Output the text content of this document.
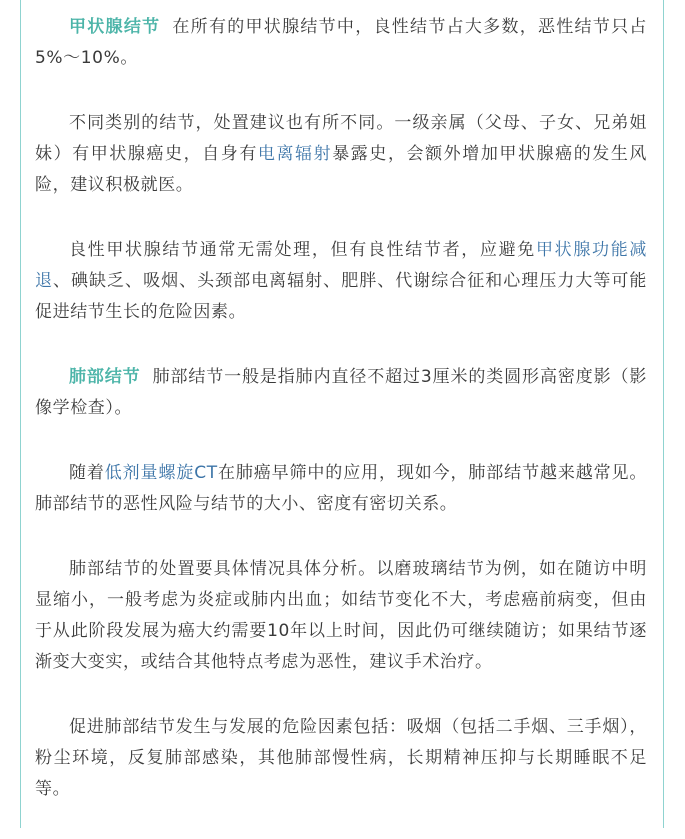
甲状腺结节 在所有的甲状腺结节中，良性结节占大多数，恶性结节只占5%～10%。

不同类别的结节，处置建议也有所不同。一级亲属（父母、子女、兄弟姐妹）有甲状腺癌史，自身有电离辐射暴露史，会额外增加甲状腺癌的发生风险，建议积极就医。

良性甲状腺结节通常无需处理，但有良性结节者，应避免甲状腺功能减退、碘缺乏、吸烟、头颈部电离辐射、肥胖、代谢综合征和心理压力大等可能促进结节生长的危险因素。

肺部结节 肺部结节一般是指肺内直径不超过3厘米的类圆形高密度影（影像学检查）。

随着低剂量螺旋CT在肺癌早筛中的应用，现如今，肺部结节越来越常见。肺部结节的恶性风险与结节的大小、密度有密切关系。

肺部结节的处置要具体情况具体分析。以磨玻璃结节为例，如在随访中明显缩小，一般考虑为炎症或肺内出血；如结节变化不大，考虑癌前病变，但由于从此阶段发展为癌大约需要10年以上时间，因此仍可继续随访；如果结节逐渐变大变实，或结合其他特点考虑为恶性，建议手术治疗。

促进肺部结节发生与发展的危险因素包括：吸烟（包括二手烟、三手烟），粉尘环境，反复肺部感染，其他肺部慢性病，长期精神压抑与长期睡眠不足等。
